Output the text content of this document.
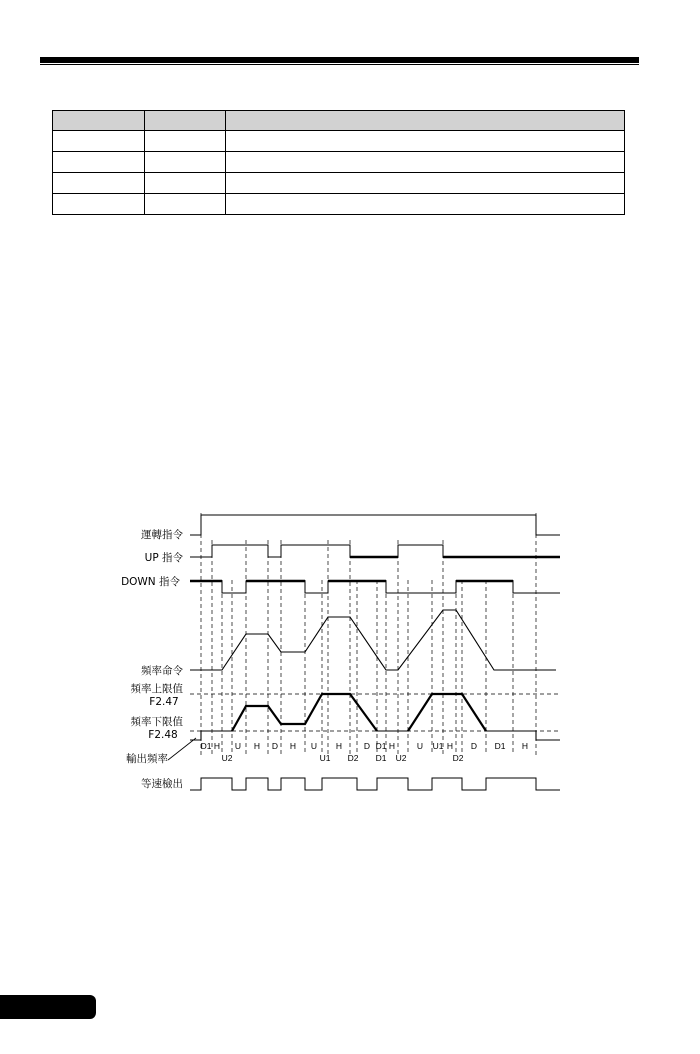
運轉指令
UP 指令
DOWN 指令
頻率命令
頻率上限值
F2.47
頻率下限值
F2.48
輸出頻率
等速檢出
D1 H U H D H U H	D D1 H	U U1 H D D1 H
U2	U1 D2 D1 U2	D2
